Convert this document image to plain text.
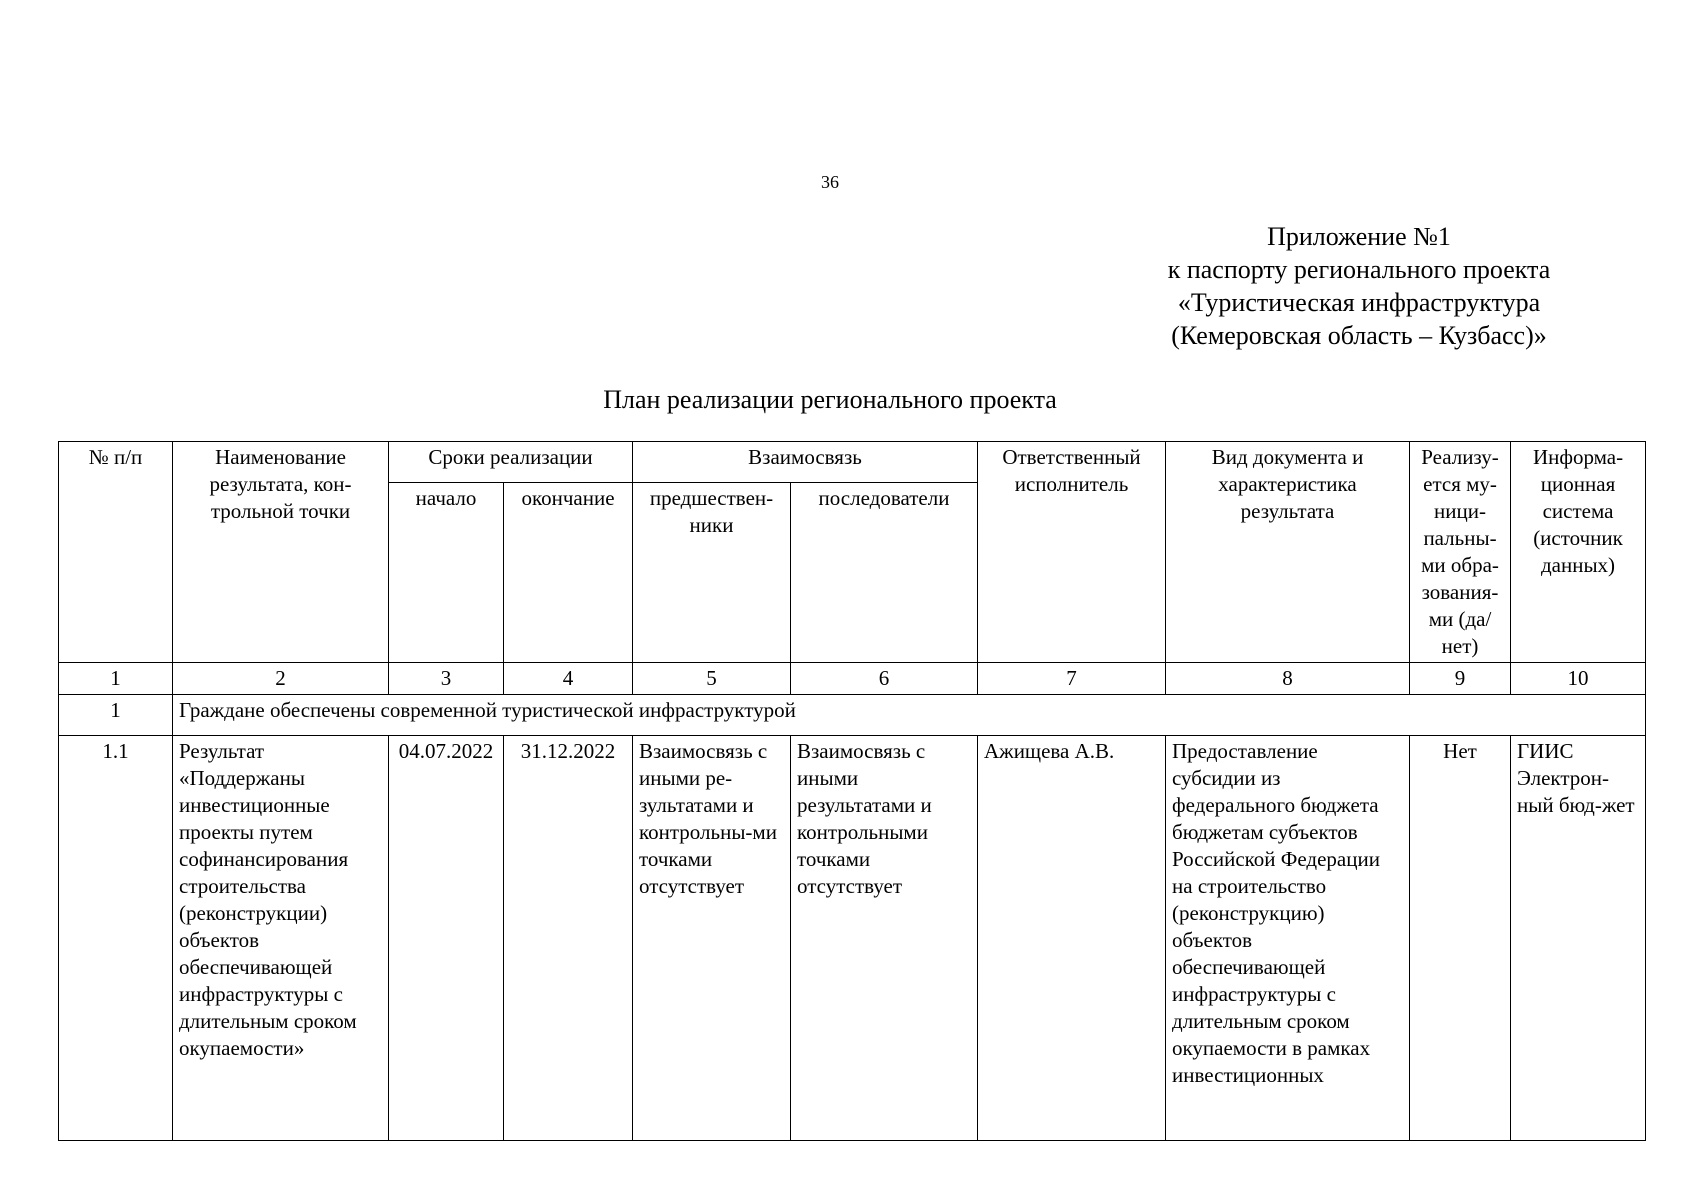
36
Приложение №1
к паспорту регионального проекта
«Туристическая инфраструктура
(Кемеровская область – Кузбасс)»
План реализации регионального проекта
№ п/п	Наименование результата, кон-трольной точки	Сроки реализации		Взаимосвязь		Ответственный исполнитель	Вид документа и характеристика результата	Реализу-ется му-ници-пальны-ми обра-зования-ми (да/нет)	Информа-ционная система (источник данных)
		начало	окончание	предшествен-ники	последователи				
1	2	3	4	5	6	7	8	9	10
1	Граждане обеспечены современной туристической инфраструктурой								
1.1	Результат «Поддержаны инвестиционные проекты путем софинансирования строительства (реконструкции) объектов обеспечивающей инфраструктуры с длительным сроком окупаемости»	04.07.2022	31.12.2022	Взаимосвязь с иными ре-зультатами и контрольны-ми точками отсутствует	Взаимосвязь с иными результатами и контрольными точками отсутствует	Ажищева А.В.	Предоставление субсидии из федерального бюджета бюджетам субъектов Российской Федерации на строительство (реконструкцию) объектов обеспечивающей инфраструктуры с длительным сроком окупаемости в рамках инвестиционных	Нет	ГИИС Электрон-ный бюд-жет
